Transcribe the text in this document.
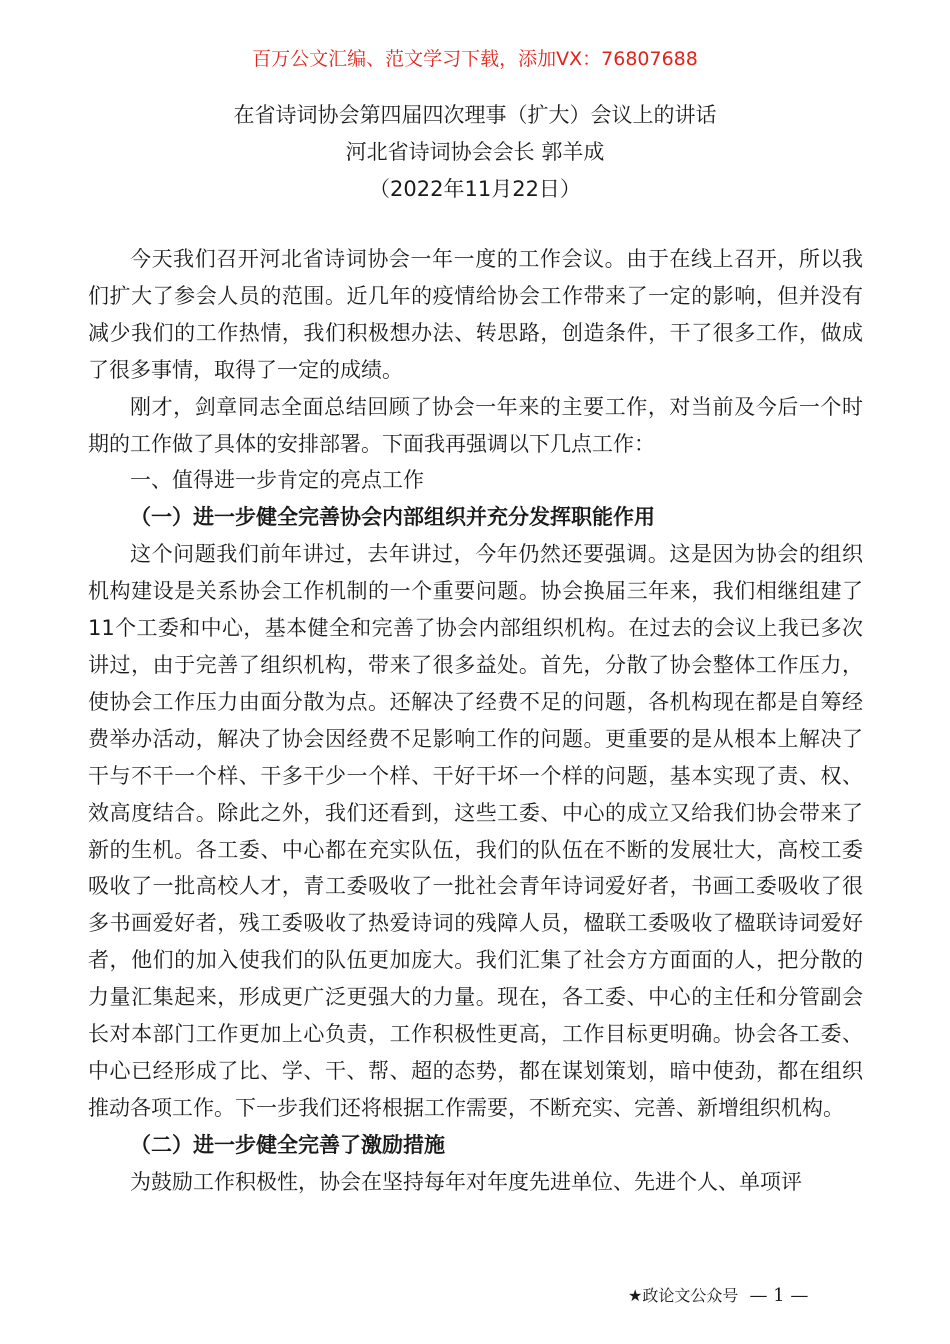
百万公文汇编、范文学习下载，添加VX：76807688
在省诗词协会第四届四次理事（扩大）会议上的讲话
河北省诗词协会会长 郭羊成
（2022年11月22日）

今天我们召开河北省诗词协会一年一度的工作会议。由于在线上召开，所以我们扩大了参会人员的范围。近几年的疫情给协会工作带来了一定的影响，但并没有减少我们的工作热情，我们积极想办法、转思路，创造条件，干了很多工作，做成了很多事情，取得了一定的成绩。

刚才，剑章同志全面总结回顾了协会一年来的主要工作，对当前及今后一个时期的工作做了具体的安排部署。下面我再强调以下几点工作：

一、值得进一步肯定的亮点工作

（一）进一步健全完善协会内部组织并充分发挥职能作用

这个问题我们前年讲过，去年讲过，今年仍然还要强调。这是因为协会的组织机构建设是关系协会工作机制的一个重要问题。协会换届三年来，我们相继组建了11个工委和中心，基本健全和完善了协会内部组织机构。在过去的会议上我已多次讲过，由于完善了组织机构，带来了很多益处。首先，分散了协会整体工作压力，使协会工作压力由面分散为点。还解决了经费不足的问题，各机构现在都是自筹经费举办活动，解决了协会因经费不足影响工作的问题。更重要的是从根本上解决了干与不干一个样、干多干少一个样、干好干坏一个样的问题，基本实现了责、权、效高度结合。除此之外，我们还看到，这些工委、中心的成立又给我们协会带来了新的生机。各工委、中心都在充实队伍，我们的队伍在不断的发展壮大，高校工委吸收了一批高校人才，青工委吸收了一批社会青年诗词爱好者，书画工委吸收了很多书画爱好者，残工委吸收了热爱诗词的残障人员，楹联工委吸收了楹联诗词爱好者，他们的加入使我们的队伍更加庞大。我们汇集了社会方方面面的人，把分散的力量汇集起来，形成更广泛更强大的力量。现在，各工委、中心的主任和分管副会长对本部门工作更加上心负责，工作积极性更高，工作目标更明确。协会各工委、中心已经形成了比、学、干、帮、超的态势，都在谋划策划，暗中使劲，都在组织推动各项工作。下一步我们还将根据工作需要，不断充实、完善、新增组织机构。

（二）进一步健全完善了激励措施

为鼓励工作积极性，协会在坚持每年对年度先进单位、先进个人、单项评

★政论文公众号 — 1 —
